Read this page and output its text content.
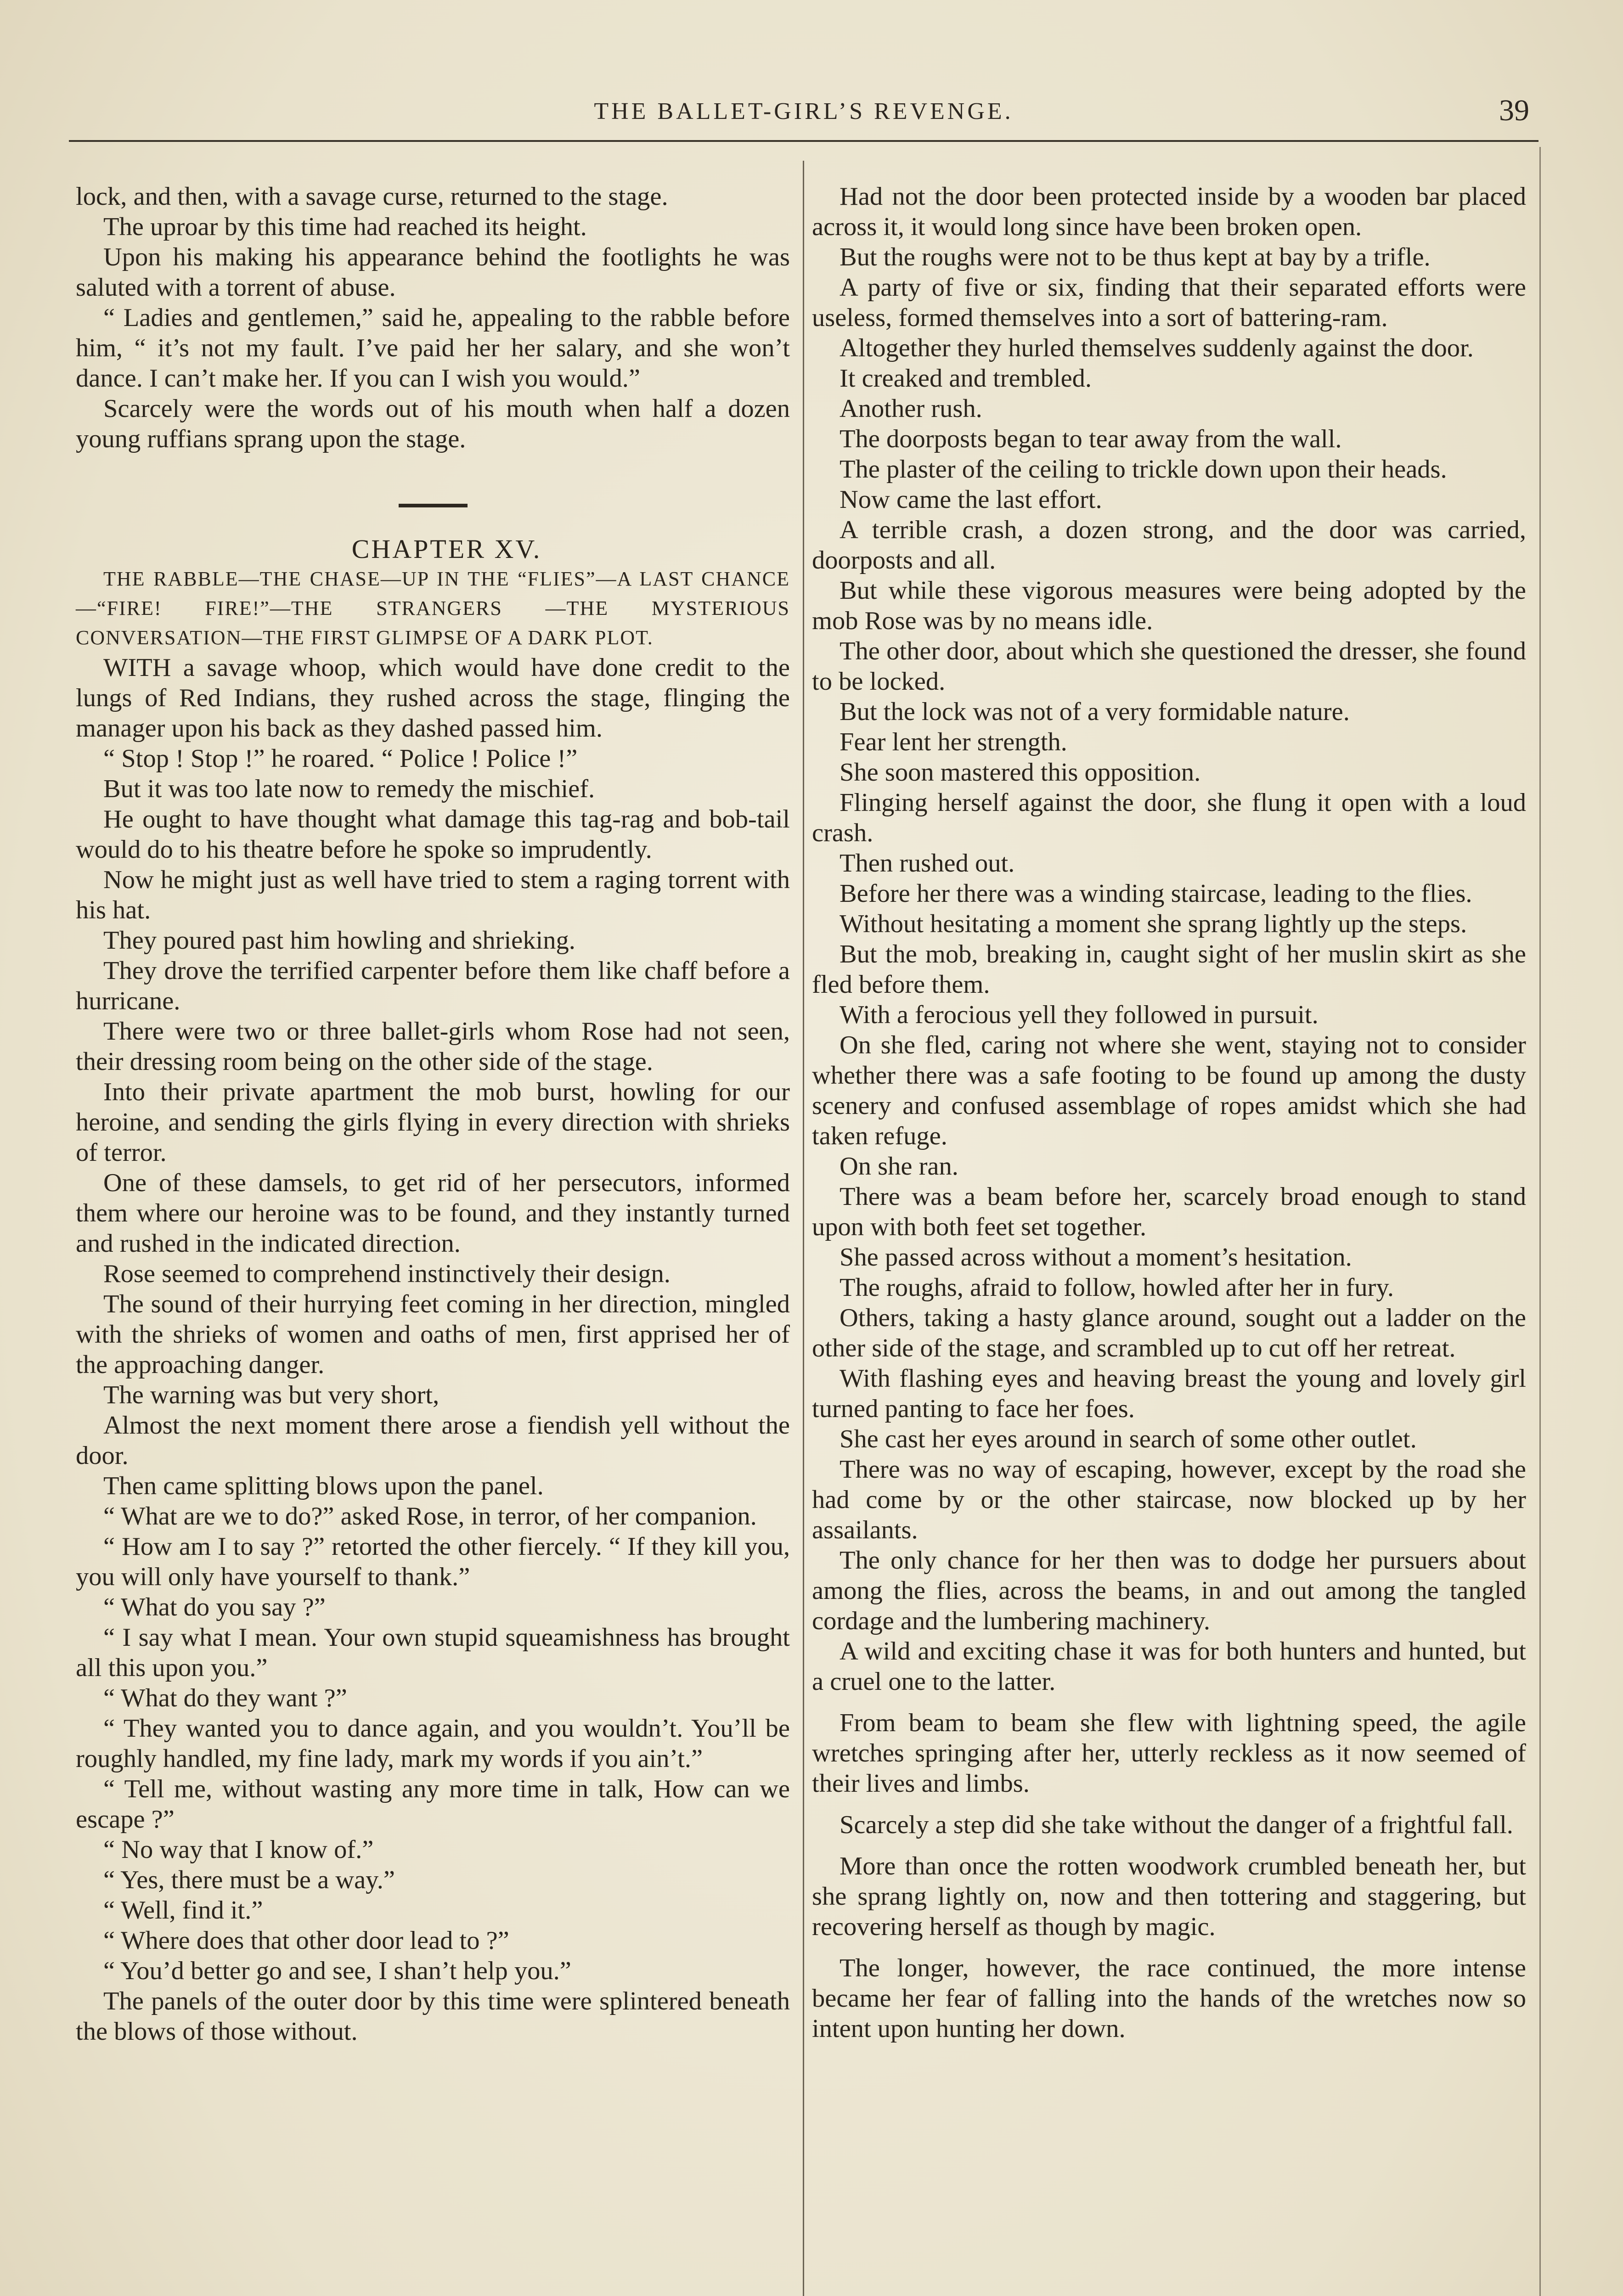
THE BALLET-GIRL’S REVENGE.	39

lock, and then, with a savage curse, returned to the stage.

The uproar by this time had reached its height.

Upon his making his appearance behind the footlights he was saluted with a torrent of abuse.

“ Ladies and gentlemen,” said he, appealing to the rabble before him, “ it’s not my fault. I’ve paid her her salary, and she won’t dance. I can’t make her. If you can I wish you would.”

Scarcely were the words out of his mouth when half a dozen young ruffians sprang upon the stage.

CHAPTER XV.

THE RABBLE—THE CHASE—UP IN THE “FLIES”—A LAST CHANCE—“FIRE! FIRE!”—THE STRANGERS —THE MYSTERIOUS CONVERSATION—THE FIRST GLIMPSE OF A DARK PLOT.

WITH a savage whoop, which would have done credit to the lungs of Red Indians, they rushed across the stage, flinging the manager upon his back as they dashed passed him.

“ Stop ! Stop !” he roared. “ Police ! Police !”

But it was too late now to remedy the mischief.

He ought to have thought what damage this tag-rag and bob-tail would do to his theatre before he spoke so imprudently.

Now he might just as well have tried to stem a raging torrent with his hat.

They poured past him howling and shrieking.

They drove the terrified carpenter before them like chaff before a hurricane.

There were two or three ballet-girls whom Rose had not seen, their dressing room being on the other side of the stage.

Into their private apartment the mob burst, howling for our heroine, and sending the girls flying in every direction with shrieks of terror.

One of these damsels, to get rid of her persecutors, informed them where our heroine was to be found, and they instantly turned and rushed in the indicated direction.

Rose seemed to comprehend instinctively their design.

The sound of their hurrying feet coming in her direction, mingled with the shrieks of women and oaths of men, first apprised her of the approaching danger.

The warning was but very short,

Almost the next moment there arose a fiendish yell without the door.

Then came splitting blows upon the panel.

“ What are we to do?” asked Rose, in terror, of her companion.

“ How am I to say ?” retorted the other fiercely. “ If they kill you, you will only have yourself to thank.”

“ What do you say ?”

“ I say what I mean. Your own stupid squeamishness has brought all this upon you.”

“ What do they want ?”

“ They wanted you to dance again, and you wouldn’t. You’ll be roughly handled, my fine lady, mark my words if you ain’t.”

“ Tell me, without wasting any more time in talk, How can we escape ?”

“ No way that I know of.”

“ Yes, there must be a way.”

“ Well, find it.”

“ Where does that other door lead to ?”

“ You’d better go and see, I shan’t help you.”

The panels of the outer door by this time were splintered beneath the blows of those without.

Had not the door been protected inside by a wooden bar placed across it, it would long since have been broken open.

But the roughs were not to be thus kept at bay by a trifle.

A party of five or six, finding that their separated efforts were useless, formed themselves into a sort of battering-ram.

Altogether they hurled themselves suddenly against the door.

It creaked and trembled.

Another rush.

The doorposts began to tear away from the wall.

The plaster of the ceiling to trickle down upon their heads.

Now came the last effort.

A terrible crash, a dozen strong, and the door was carried, doorposts and all.

But while these vigorous measures were being adopted by the mob Rose was by no means idle.

The other door, about which she questioned the dresser, she found to be locked.

But the lock was not of a very formidable nature.

Fear lent her strength.

She soon mastered this opposition.

Flinging herself against the door, she flung it open with a loud crash.

Then rushed out.

Before her there was a winding staircase, leading to the flies.

Without hesitating a moment she sprang lightly up the steps.

But the mob, breaking in, caught sight of her muslin skirt as she fled before them.

With a ferocious yell they followed in pursuit.

On she fled, caring not where she went, staying not to consider whether there was a safe footing to be found up among the dusty scenery and confused assemblage of ropes amidst which she had taken refuge.

On she ran.

There was a beam before her, scarcely broad enough to stand upon with both feet set together.

She passed across without a moment’s hesitation.

The roughs, afraid to follow, howled after her in fury.

Others, taking a hasty glance around, sought out a ladder on the other side of the stage, and scrambled up to cut off her retreat.

With flashing eyes and heaving breast the young and lovely girl turned panting to face her foes.

She cast her eyes around in search of some other outlet.

There was no way of escaping, however, except by the road she had come by or the other staircase, now blocked up by her assailants.

The only chance for her then was to dodge her pursuers about among the flies, across the beams, in and out among the tangled cordage and the lumbering machinery.

A wild and exciting chase it was for both hunters and hunted, but a cruel one to the latter.

From beam to beam she flew with lightning speed, the agile wretches springing after her, utterly reckless as it now seemed of their lives and limbs.

Scarcely a step did she take without the danger of a frightful fall.

More than once the rotten woodwork crumbled beneath her, but she sprang lightly on, now and then tottering and staggering, but recovering herself as though by magic.

The longer, however, the race continued, the more intense became her fear of falling into the hands of the wretches now so intent upon hunting her down.
